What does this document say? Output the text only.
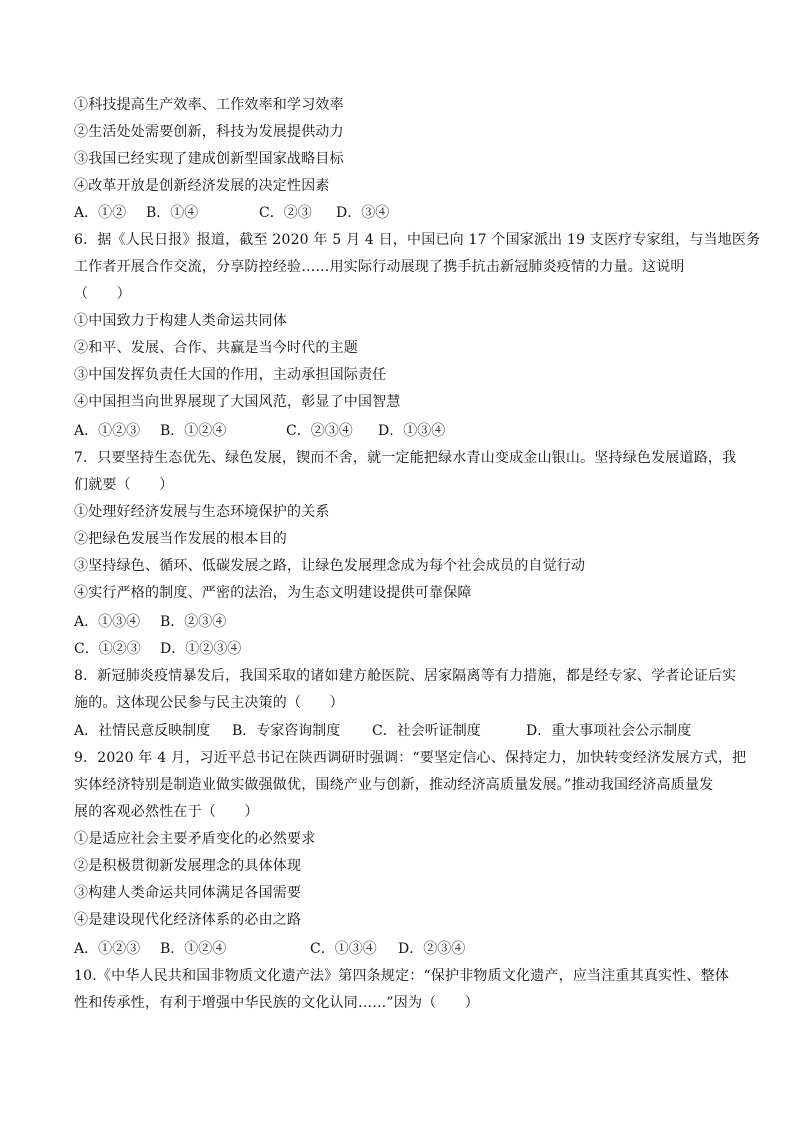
①科技提高生产效率、工作效率和学习效率
②生活处处需要创新，科技为发展提供动力
③我国已经实现了建成创新型国家战略目标
④改革开放是创新经济发展的决定性因素
A．①② B．①④	C．②③ D．③④
6．据《人民日报》报道，截至 2020 年 5 月 4 日，中国已向 17 个国家派出 19 支医疗专家组，与当地医务
工作者开展合作交流，分享防控经验……用实际行动展现了携手抗击新冠肺炎疫情的力量。这说明
（　　）
①中国致力于构建人类命运共同体
②和平、发展、合作、共赢是当今时代的主题
③中国发挥负责任大国的作用，主动承担国际责任
④中国担当向世界展现了大国风范，彰显了中国智慧
A．①②③ B．①②④	C．②③④ D．①③④
7．只要坚持生态优先、绿色发展，锲而不舍，就一定能把绿水青山变成金山银山。坚持绿色发展道路，我
们就要（　　）
①处理好经济发展与生态环境保护的关系
②把绿色发展当作发展的根本目的
③坚持绿色、循环、低碳发展之路，让绿色发展理念成为每个社会成员的自觉行动
④实行严格的制度、严密的法治，为生态文明建设提供可靠保障
A．①③④ B．②③④
C．①②③ D．①②③④
8．新冠肺炎疫情暴发后，我国采取的诸如建方舱医院、居家隔离等有力措施，都是经专家、学者论证后实
施的。这体现公民参与民主决策的（　　）
A．社情民意反映制度 B．专家咨询制度 C．社会听证制度	D．重大事项社会公示制度
9．2020 年 4 月，习近平总书记在陕西调研时强调：“要坚定信心、保持定力，加快转变经济发展方式，把
实体经济特别是制造业做实做强做优，围绕产业与创新，推动经济高质量发展。”推动我国经济高质量发
展的客观必然性在于（　　）
①是适应社会主要矛盾变化的必然要求
②是积极贯彻新发展理念的具体体现
③构建人类命运共同体满足各国需要
④是建设现代化经济体系的必由之路
A．①②③ B．①②④	C．①③④ D．②③④
10.《中华人民共和国非物质文化遗产法》第四条规定：“保护非物质文化遗产，应当注重其真实性、整体
性和传承性，有利于增强中华民族的文化认同……”因为（　　）
